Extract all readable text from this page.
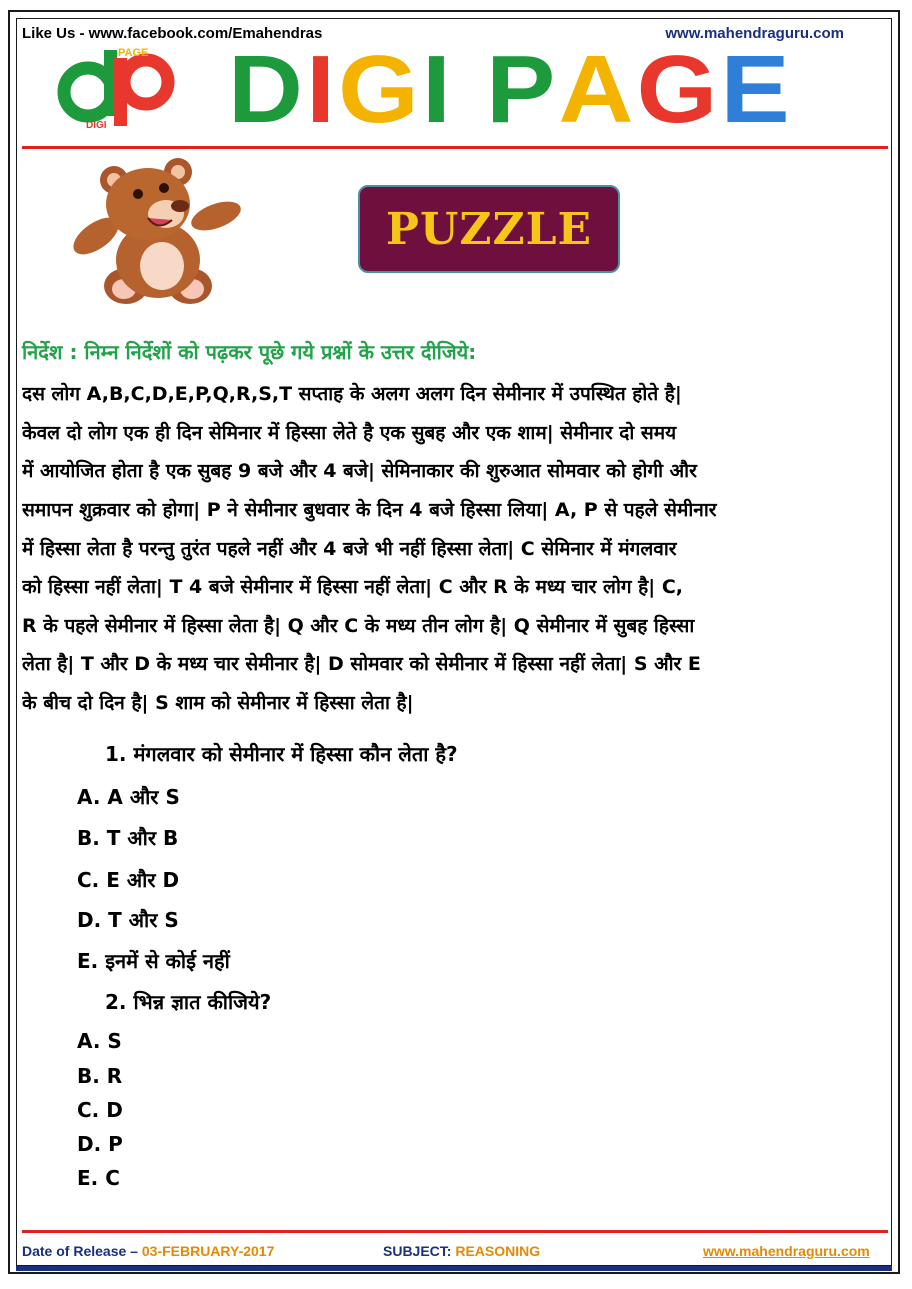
Like Us - www.facebook.com/Emahendras	www.mahendraguru.com
PAGE
DIGI DIGI PAGE
PUZZLE
निर्देश : निम्न निर्देशों को पढ़कर पूछे गये प्रश्नों के उत्तर दीजिये:
दस लोग A,B,C,D,E,P,Q,R,S,T सप्ताह के अलग अलग दिन सेमीनार में उपस्थित होते है|
केवल दो लोग एक ही दिन सेमिनार में हिस्सा लेते है एक सुबह और एक शाम| सेमीनार दो समय
में आयोजित होता है एक सुबह 9 बजे और 4 बजे| सेमिनाकार की शुरुआत सोमवार को होगी और
समापन शुक्रवार को होगा| P ने सेमीनार बुधवार के दिन 4 बजे हिस्सा लिया| A, P से पहले सेमीनार
में हिस्सा लेता है परन्तु तुरंत पहले नहीं और 4 बजे भी नहीं हिस्सा लेता| C सेमिनार में मंगलवार
को हिस्सा नहीं लेता| T 4 बजे सेमीनार में हिस्सा नहीं लेता| C और R के मध्य चार लोग है| C,
R के पहले सेमीनार में हिस्सा लेता है| Q और C के मध्य तीन लोग है| Q सेमीनार में सुबह हिस्सा
लेता है| T और D के मध्य चार सेमीनार है| D सोमवार को सेमीनार में हिस्सा नहीं लेता| S और E
के बीच दो दिन है| S शाम को सेमीनार में हिस्सा लेता है|
1. मंगलवार को सेमीनार में हिस्सा कौन लेता है?
A. A और S
B. T और B
C. E और D
D. T और S
E. इनमें से कोई नहीं
2. भिन्न ज्ञात कीजिये?
A. S
B. R
C. D
D. P
E. C
Date of Release – 03-FEBRUARY-2017	SUBJECT: REASONING	www.mahendraguru.com
